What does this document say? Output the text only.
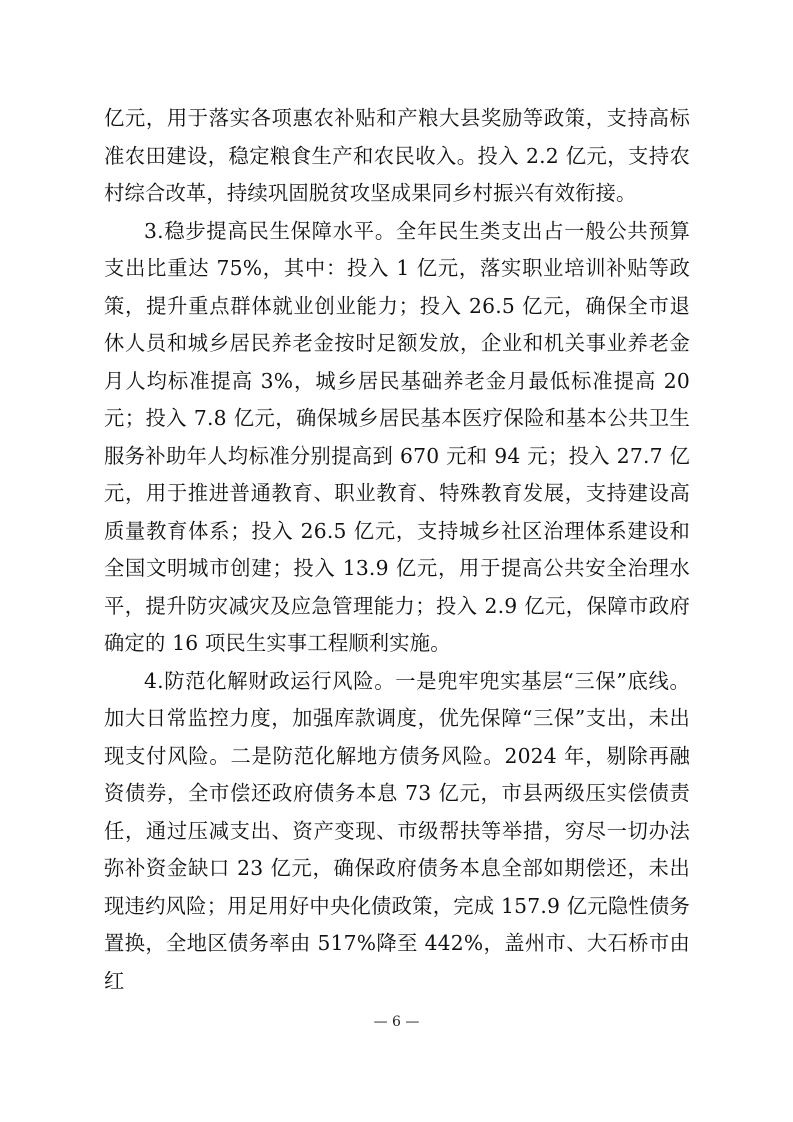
亿元，用于落实各项惠农补贴和产粮大县奖励等政策，支持高标准农田建设，稳定粮食生产和农民收入。投入 2.2 亿元，支持农村综合改革，持续巩固脱贫攻坚成果同乡村振兴有效衔接。

3.稳步提高民生保障水平。全年民生类支出占一般公共预算支出比重达 75%，其中：投入 1 亿元，落实职业培训补贴等政策，提升重点群体就业创业能力；投入 26.5 亿元，确保全市退休人员和城乡居民养老金按时足额发放，企业和机关事业养老金月人均标准提高 3%，城乡居民基础养老金月最低标准提高 20 元；投入 7.8 亿元，确保城乡居民基本医疗保险和基本公共卫生服务补助年人均标准分别提高到 670 元和 94 元；投入 27.7 亿元，用于推进普通教育、职业教育、特殊教育发展，支持建设高质量教育体系；投入 26.5 亿元，支持城乡社区治理体系建设和全国文明城市创建；投入 13.9 亿元，用于提高公共安全治理水平，提升防灾减灾及应急管理能力；投入 2.9 亿元，保障市政府确定的 16 项民生实事工程顺利实施。

4.防范化解财政运行风险。一是兜牢兜实基层“三保”底线。加大日常监控力度，加强库款调度，优先保障“三保”支出，未出现支付风险。二是防范化解地方债务风险。2024 年，剔除再融资债券，全市偿还政府债务本息 73 亿元，市县两级压实偿债责任，通过压减支出、资产变现、市级帮扶等举措，穷尽一切办法弥补资金缺口 23 亿元，确保政府债务本息全部如期偿还，未出现违约风险；用足用好中央化债政策，完成 157.9 亿元隐性债务置换，全地区债务率由 517%降至 442%，盖州市、大石桥市由红

— 6 —
